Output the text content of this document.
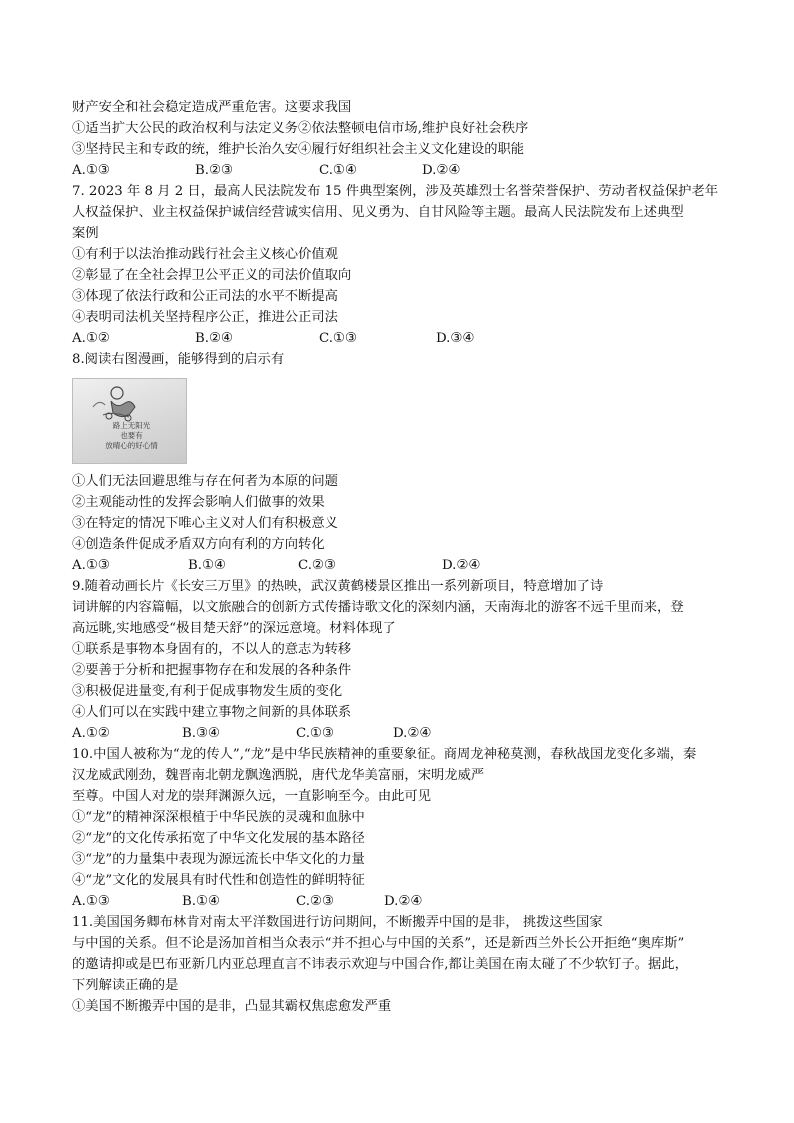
财产安全和社会稳定造成严重危害。这要求我国
①适当扩大公民的政治权利与法定义务②依法整顿电信市场,维护良好社会秩序
③坚持民主和专政的统，维护长治久安④履行好组织社会主义文化建设的职能
A.①③	B.②③	C.①④	D.②④
7. 2023 年 8 月 2 日，最高人民法院发布 15 件典型案例，涉及英雄烈士名誉荣誉保护、劳动者权益保护老年
人权益保护、业主权益保护诚信经营诚实信用、见义勇为、自甘风险等主题。最高人民法院发布上述典型
案例
①有利于以法治推动践行社会主义核心价值观
②彰显了在全社会捍卫公平正义的司法价值取向
③体现了依法行政和公正司法的水平不断提高
④表明司法机关坚持程序公正，推进公正司法
A.①②	B.②④	C.①③	D.③④
8.阅读右图漫画，能够得到的启示有
路上无阳光
也要有
放晴心的好心情
①人们无法回避思维与存在何者为本原的问题
②主观能动性的发挥会影响人们做事的效果
③在特定的情况下唯心主义对人们有积极意义
④创造条件促成矛盾双方向有利的方向转化
A.①③	B.①④	C.②③	D.②④
9.随着动画长片《长安三万里》的热映，武汉黄鹤楼景区推出一系列新项目，特意增加了诗
词讲解的内容篇幅，以文旅融合的创新方式传播诗歌文化的深刻内涵，天南海北的游客不远千里而来，登
高远眺,实地感受“极目楚天舒”的深远意境。材料体现了
①联系是事物本身固有的，不以人的意志为转移
②要善于分析和把握事物存在和发展的各种条件
③积极促进量变,有利于促成事物发生质的变化
④人们可以在实践中建立事物之间新的具体联系
A.①②	B.③④	C.①③	D.②④
10.中国人被称为“龙的传人”,“龙”是中华民族精神的重要象征。商周龙神秘莫测，春秋战国龙变化多端，秦
汉龙威武刚劲，魏晋南北朝龙飘逸洒脱，唐代龙华美富丽，宋明龙威严
至尊。中国人对龙的崇拜渊源久远，一直影响至今。由此可见
①“龙”的精神深深根植于中华民族的灵魂和血脉中
②“龙”的文化传承拓宽了中华文化发展的基本路径
③“龙”的力量集中表现为源远流长中华文化的力量
④“龙”文化的发展具有时代性和创造性的鲜明特征
A.①③	B.①④	C.②③	D.②④
11.美国国务卿布林肯对南太平洋数国进行访问期间，不断搬弄中国的是非， 挑拨这些国家
与中国的关系。但不论是汤加首相当众表示“并不担心与中国的关系”，还是新西兰外长公开拒绝“奥库斯”
的邀请抑或是巴布亚新几内亚总理直言不讳表示欢迎与中国合作,都让美国在南太碰了不少软钉子。据此，
下列解读正确的是
①美国不断搬弄中国的是非，凸显其霸权焦虑愈发严重
